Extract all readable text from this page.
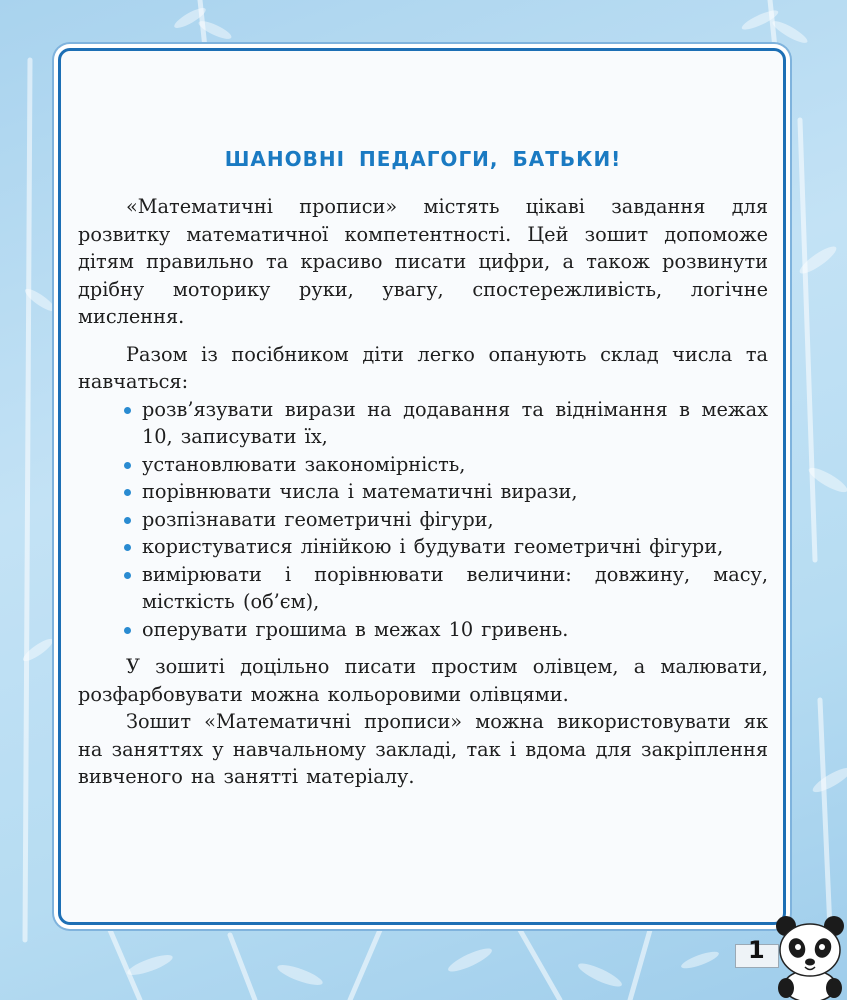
ШАНОВНІ ПЕДАГОГИ, БАТЬКИ!

«Математичні прописи» містять цікаві завдання для розвитку математичної компетентності. Цей зошит допоможе дітям правильно та красиво писати цифри, а також розвинути дрібну моторику руки, увагу, спостережливість, логічне мислення.

Разом із посібником діти легко опанують склад числа та навчаться:

розв’язувати вирази на додавання та віднімання в межах 10, записувати їх,
установлювати закономірність,
порівнювати числа і математичні вирази,
розпізнавати геометричні фігури,
користуватися лінійкою і будувати геометричні фігури,
вимірювати і порівнювати величини: довжину, масу, місткість (об’єм),
оперувати грошима в межах 10 гривень.

У зошиті доцільно писати простим олівцем, а малювати, розфарбовувати можна кольоровими олівцями.

Зошит «Математичні прописи» можна використовувати як на заняттях у навчальному закладі, так і вдома для закріплення вивченого на занятті матеріалу.

1
